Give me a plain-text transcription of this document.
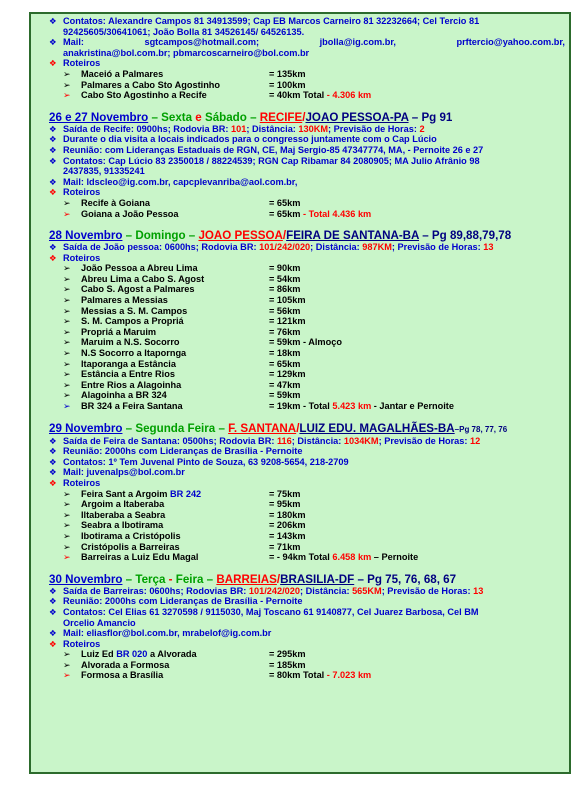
❖ Contatos: Alexandre Campos 81 34913599; Cap EB Marcos Carneiro 81 32232664; Cel Tercio 81
92425605/30641061; João Bolla 81 34526145/ 64526135.
❖ Mail:	sgtcampos@hotmail.com;	jbolla@ig.com.br,	prftercio@yahoo.com.br,
anakristina@bol.com.br; pbmarcoscarneiro@bol.com.br
❖ Roteiros
➢	Maceió a Palmares	= 135km
➢	Palmares a Cabo Sto Agostinho	= 100km
➢	Cabo Sto Agostinho a Recife	= 40km Total - 4.306 km
26 e 27 Novembro – Sexta e Sábado – RECIFE/JOAO PESSOA-PA – Pg 91
❖ Saída de Recife: 0900hs; Rodovia BR: 101; Distância: 130KM; Previsão de Horas: 2
❖ Durante o dia visita a locais indicados para o congresso juntamente com o Cap Lúcio
❖ Reunião: com Lideranças Estaduais de RGN, CE, Maj Sergio-85 47347774, MA, - Pernoite 26 e 27
❖ Contatos: Cap Lúcio 83 2350018 / 88224539; RGN Cap Ribamar 84 2080905; MA Julio Afrânio 98
2437835, 91335241
❖ Mail: ldscleo@ig.com.br, capcplevanriba@aol.com.br,
❖ Roteiros
➢	Recife à Goiana	= 65km
➢	Goiana a João Pessoa	= 65km - Total 4.436 km
28 Novembro – Domingo – JOAO PESSOA/FEIRA DE SANTANA-BA – Pg 89,88,79,78
❖ Saída de João pessoa: 0600hs; Rodovia BR: 101/242/020; Distância: 987KM; Previsão de Horas: 13
❖ Roteiros
➢	João Pessoa a Abreu Lima	= 90km
➢	Abreu Lima a Cabo S. Agost	= 54km
➢	Cabo S. Agost a Palmares	= 86km
➢	Palmares a Messias	= 105km
➢	Messias a S. M. Campos	= 56km
➢	S. M. Campos a Propriá	= 121km
➢	Propriá a Maruim	= 76km
➢	Maruim a N.S. Socorro	= 59km - Almoço
➢	N.S Socorro a Itapornga	= 18km
➢	Itaporanga a Estância	= 65km
➢	Estância a Entre Rios	= 129km
➢	Entre Rios a Alagoinha	= 47km
➢	Alagoinha a BR 324	= 59km
➢	BR 324 a Feira Santana	= 19km - Total 5.423 km - Jantar e Pernoite
29 Novembro – Segunda Feira – F. SANTANA/LUIZ EDU. MAGALHÃES-BA–Pg 78, 77, 76
❖ Saída de Feira de Santana: 0500hs; Rodovia BR: 116; Distância: 1034KM; Previsão de Horas: 12
❖ Reunião: 2000hs com Lideranças de Brasília - Pernoite
❖ Contatos: 1º Tem Juvenal Pinto de Souza, 63 9208-5654, 218-2709
❖ Mail: juvenalps@bol.com.br
❖ Roteiros
➢	Feira Sant a Argoim BR 242	= 75km
➢	Argoim a Itaberaba	= 95km
➢	Iltaberaba a Seabra	= 180km
➢	Seabra a Ibotirama	= 206km
➢	Ibotirama a Cristópolis	= 143km
➢	Cristópolis a Barreiras	= 71km
➢	Barreiras a Luiz Edu Magal	= - 94km Total 6.458 km – Pernoite
30 Novembro – Terça - Feira – BARREIAS/BRASILIA-DF – Pg 75, 76, 68, 67
❖ Saída de Barreiras: 0600hs; Rodovias BR: 101/242/020; Distância: 565KM; Previsão de Horas: 13
❖ Reunião: 2000hs com Lideranças de Brasília - Pernoite
❖ Contatos: Cel Elias 61 3270598 / 9115030, Maj Toscano 61 9140877, Cel Juarez Barbosa, Cel BM
Orcelio Amancio
❖ Mail: eliasflor@bol.com.br, mrabelof@ig.com.br
❖ Roteiros
➢	Luiz Ed BR 020 a Alvorada	= 295km
➢	Alvorada a Formosa	= 185km
➢	Formosa a Brasília	= 80km Total - 7.023 km
